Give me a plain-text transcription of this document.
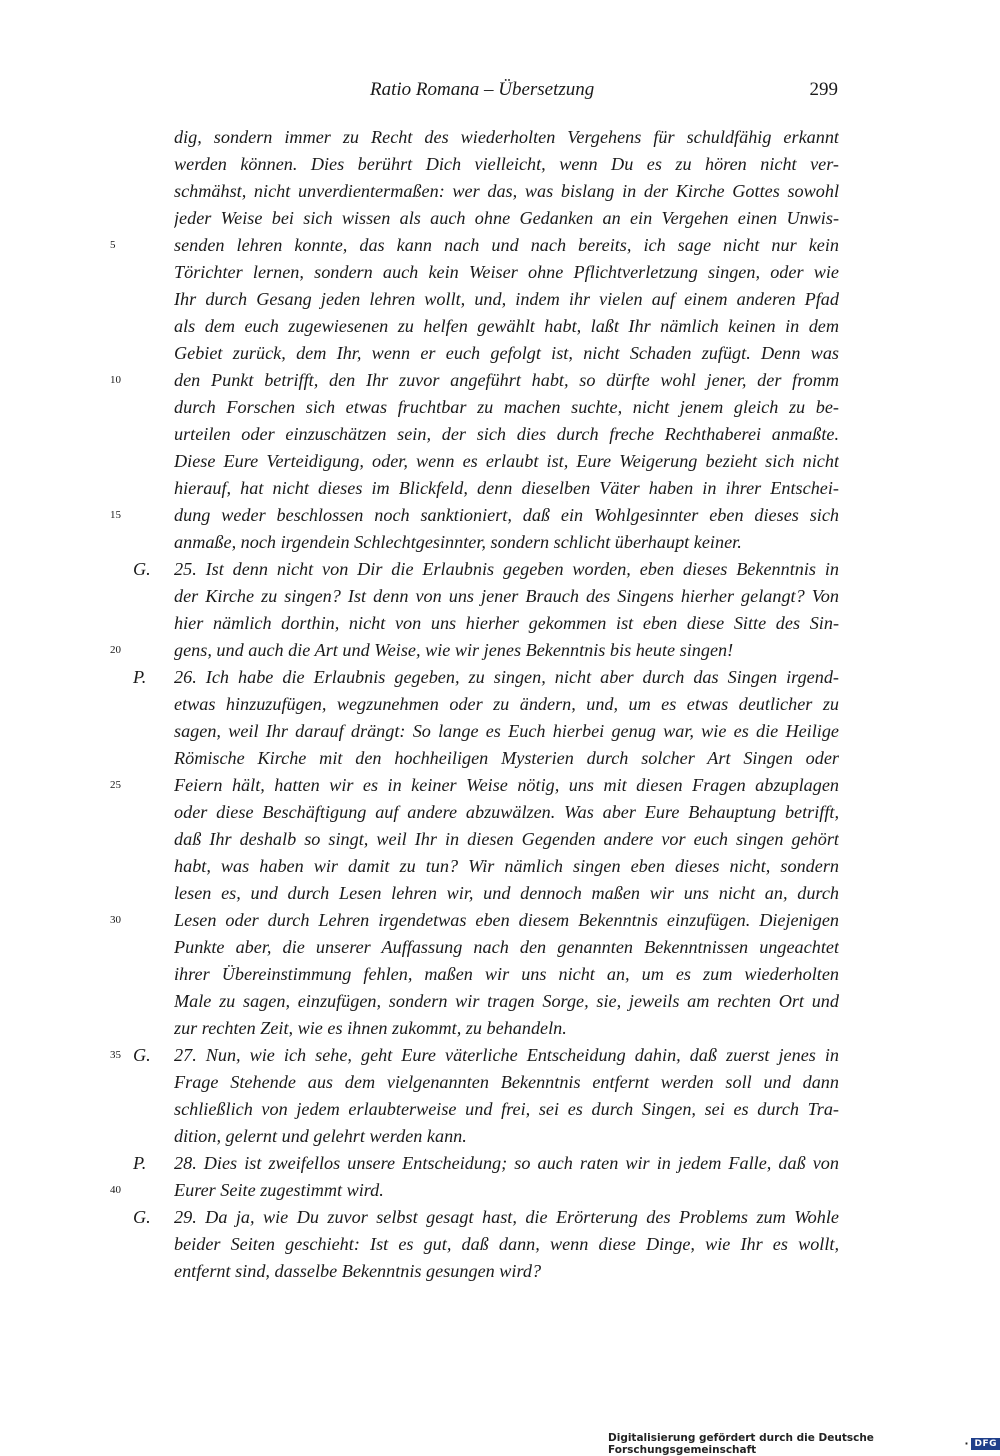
Ratio Romana – Übersetzung	299
dig, sondern immer zu Recht des wiederholten Vergehens für schuldfähig erkannt
werden können. Dies berührt Dich vielleicht, wenn Du es zu hören nicht ver-
schmähst, nicht unverdientermaßen: wer das, was bislang in der Kirche Gottes sowohl
jeder Weise bei sich wissen als auch ohne Gedanken an ein Vergehen einen Unwis-
senden lehren konnte, das kann nach und nach bereits, ich sage nicht nur kein
Törichter lernen, sondern auch kein Weiser ohne Pflichtverletzung singen, oder wie
Ihr durch Gesang jeden lehren wollt, und, indem ihr vielen auf einem anderen Pfad
als dem euch zugewiesenen zu helfen gewählt habt, laßt Ihr nämlich keinen in dem
Gebiet zurück, dem Ihr, wenn er euch gefolgt ist, nicht Schaden zufügt. Denn was
den Punkt betrifft, den Ihr zuvor angeführt habt, so dürfte wohl jener, der fromm
durch Forschen sich etwas fruchtbar zu machen suchte, nicht jenem gleich zu be-
urteilen oder einzuschätzen sein, der sich dies durch freche Rechthaberei anmaßte.
Diese Eure Verteidigung, oder, wenn es erlaubt ist, Eure Weigerung bezieht sich nicht
hierauf, hat nicht dieses im Blickfeld, denn dieselben Väter haben in ihrer Entschei-
dung weder beschlossen noch sanktioniert, daß ein Wohlgesinnter eben dieses sich
anmaße, noch irgendein Schlechtgesinnter, sondern schlicht überhaupt keiner.
25. Ist denn nicht von Dir die Erlaubnis gegeben worden, eben dieses Bekenntnis in
der Kirche zu singen? Ist denn von uns jener Brauch des Singens hierher gelangt? Von
hier nämlich dorthin, nicht von uns hierher gekommen ist eben diese Sitte des Sin-
gens, und auch die Art und Weise, wie wir jenes Bekenntnis bis heute singen!
26. Ich habe die Erlaubnis gegeben, zu singen, nicht aber durch das Singen irgend-
etwas hinzuzufügen, wegzunehmen oder zu ändern, und, um es etwas deutlicher zu
sagen, weil Ihr darauf drängt: So lange es Euch hierbei genug war, wie es die Heilige
Römische Kirche mit den hochheiligen Mysterien durch solcher Art Singen oder
Feiern hält, hatten wir es in keiner Weise nötig, uns mit diesen Fragen abzuplagen
oder diese Beschäftigung auf andere abzuwälzen. Was aber Eure Behauptung betrifft,
daß Ihr deshalb so singt, weil Ihr in diesen Gegenden andere vor euch singen gehört
habt, was haben wir damit zu tun? Wir nämlich singen eben dieses nicht, sondern
lesen es, und durch Lesen lehren wir, und dennoch maßen wir uns nicht an, durch
Lesen oder durch Lehren irgendetwas eben diesem Bekenntnis einzufügen. Diejenigen
Punkte aber, die unserer Auffassung nach den genannten Bekenntnissen ungeachtet
ihrer Übereinstimmung fehlen, maßen wir uns nicht an, um es zum wiederholten
Male zu sagen, einzufügen, sondern wir tragen Sorge, sie, jeweils am rechten Ort und
zur rechten Zeit, wie es ihnen zukommt, zu behandeln.
27. Nun, wie ich sehe, geht Eure väterliche Entscheidung dahin, daß zuerst jenes in
Frage Stehende aus dem vielgenannten Bekenntnis entfernt werden soll und dann
schließlich von jedem erlaubterweise und frei, sei es durch Singen, sei es durch Tra-
dition, gelernt und gelehrt werden kann.
28. Dies ist zweifellos unsere Entscheidung; so auch raten wir in jedem Falle, daß von
Eurer Seite zugestimmt wird.
29. Da ja, wie Du zuvor selbst gesagt hast, die Erörterung des Problems zum Wohle
beider Seiten geschieht: Ist es gut, daß dann, wenn diese Dinge, wie Ihr es wollt,
entfernt sind, dasselbe Bekenntnis gesungen wird?
G.
P.
G.
P.
G.
5
10
15
20
25
30
35
40
Digitalisierung gefördert durch die Deutsche Forschungsgemeinschaft	· DFG
